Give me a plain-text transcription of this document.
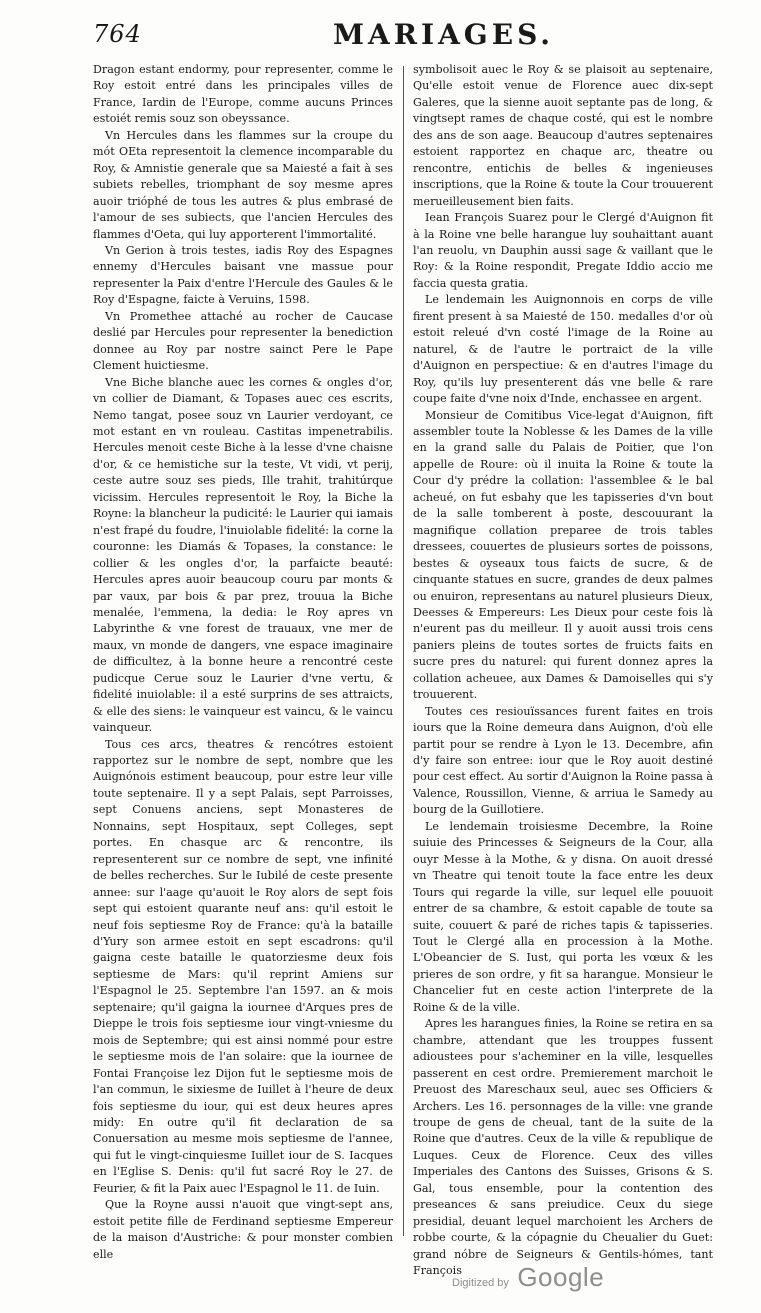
764	MARIAGES.

Dragon estant endormy, pour representer, comme le Roy estoit entré dans les principales villes de France, Iardin de l'Europe, comme aucuns Princes estoiét remis souz son obeyssance.

Vn Hercules dans les flammes sur la croupe du mót OEta representoit la clemence incomparable du Roy, & Amnistie generale que sa Maiesté a fait à ses subiets rebelles, triomphant de soy mesme apres auoir trióphé de tous les autres & plus embrasé de l'amour de ses subiects, que l'ancien Hercules des flammes d'Oeta, qui luy apporterent l'immortalité.

Vn Gerion à trois testes, iadis Roy des Espagnes ennemy d'Hercules baisant vne massue pour representer la Paix d'entre l'Hercule des Gaules & le Roy d'Espagne, faicte à Veruins, 1598.

Vn Promethee attaché au rocher de Caucase deslié par Hercules pour representer la benediction donnee au Roy par nostre sainct Pere le Pape Clement huictiesme.

Vne Biche blanche auec les cornes & ongles d'or, vn collier de Diamant, & Topases auec ces escrits, Nemo tangat, posee souz vn Laurier verdoyant, ce mot estant en vn rouleau. Castitas impenetrabilis. Hercules menoit ceste Biche à la lesse d'vne chaisne d'or, & ce hemistiche sur la teste, Vt vidi, vt perij, ceste autre souz ses pieds, Ille trahit, trahitúrque vicissim. Hercules representoit le Roy, la Biche la Royne: la blancheur la pudicité: le Laurier qui iamais n'est frapé du foudre, l'inuiolable fidelité: la corne la couronne: les Diamás & Topases, la constance: le collier & les ongles d'or, la parfaicte beauté: Hercules apres auoir beaucoup couru par monts & par vaux, par bois & par prez, trouua la Biche menalée, l'emmena, la dedia: le Roy apres vn Labyrinthe & vne forest de trauaux, vne mer de maux, vn monde de dangers, vne espace imaginaire de difficultez, à la bonne heure a rencontré ceste pudicque Cerue souz le Laurier d'vne vertu, & fidelité inuiolable: il a esté surprins de ses attraicts, & elle des siens: le vainqueur est vaincu, & le vaincu vainqueur.

Tous ces arcs, theatres & rencótres estoient rapportez sur le nombre de sept, nombre que les Auignónois estiment beaucoup, pour estre leur ville toute septenaire. Il y a sept Palais, sept Parroisses, sept Conuens anciens, sept Monasteres de Nonnains, sept Hospitaux, sept Colleges, sept portes. En chasque arc & rencontre, ils representerent sur ce nombre de sept, vne infinité de belles recherches. Sur le Iubilé de ceste presente annee: sur l'aage qu'auoit le Roy alors de sept fois sept qui estoient quarante neuf ans: qu'il estoit le neuf fois septiesme Roy de France: qu'à la bataille d'Yury son armee estoit en sept escadrons: qu'il gaigna ceste bataille le quatorziesme deux fois septiesme de Mars: qu'il reprint Amiens sur l'Espagnol le 25. Septembre l'an 1597. an & mois septenaire; qu'il gaigna la iournee d'Arques pres de Dieppe le trois fois septiesme iour vingt-vniesme du mois de Septembre; qui est ainsi nommé pour estre le septiesme mois de l'an solaire: que la iournee de Fontai Françoise lez Dijon fut le septiesme mois de l'an commun, le sixiesme de Iuillet à l'heure de deux fois septiesme du iour, qui est deux heures apres midy: En outre qu'il fit declaration de sa Conuersation au mesme mois septiesme de l'annee, qui fut le vingt-cinquiesme Iuillet iour de S. Iacques en l'Eglise S. Denis: qu'il fut sacré Roy le 27. de Feurier, & fit la Paix auec l'Espagnol le 11. de Iuin.

Que la Royne aussi n'auoit que vingt-sept ans, estoit petite fille de Ferdinand septiesme Empereur de la maison d'Austriche: & pour monster combien elle

symbolisoit auec le Roy & se plaisoit au septenaire, Qu'elle estoit venue de Florence auec dix-sept Galeres, que la sienne auoit septante pas de long, & vingtsept rames de chaque costé, qui est le nombre des ans de son aage. Beaucoup d'autres septenaires estoient rapportez en chaque arc, theatre ou rencontre, entichis de belles & ingenieuses inscriptions, que la Roine & toute la Cour trouuerent merueilleusement bien faits.

Iean François Suarez pour le Clergé d'Auignon fit à la Roine vne belle harangue luy souhaittant auant l'an reuolu, vn Dauphin aussi sage & vaillant que le Roy: & la Roine respondit, Pregate Iddio accio me faccia questa gratia.

Le lendemain les Auignonnois en corps de ville firent present à sa Maiesté de 150. medalles d'or où estoit releué d'vn costé l'image de la Roine au naturel, & de l'autre le portraict de la ville d'Auignon en perspectiue: & en d'autres l'image du Roy, qu'ils luy presenterent dás vne belle & rare coupe faite d'vne noix d'Inde, enchassee en argent.

Monsieur de Comitibus Vice-legat d'Auignon, fift assembler toute la Noblesse & les Dames de la ville en la grand salle du Palais de Poitier, que l'on appelle de Roure: où il inuita la Roine & toute la Cour d'y prédre la collation: l'assemblee & le bal acheué, on fut esbahy que les tapisseries d'vn bout de la salle tomberent à poste, descouurant la magnifique collation preparee de trois tables dressees, couuertes de plusieurs sortes de poissons, bestes & oyseaux tous faicts de sucre, & de cinquante statues en sucre, grandes de deux palmes ou enuiron, representans au naturel plusieurs Dieux, Deesses & Empereurs: Les Dieux pour ceste fois là n'eurent pas du meilleur. Il y auoit aussi trois cens paniers pleins de toutes sortes de fruicts faits en sucre pres du naturel: qui furent donnez apres la collation acheuee, aux Dames & Damoiselles qui s'y trouuerent.

Toutes ces resiouïssances furent faites en trois iours que la Roine demeura dans Auignon, d'où elle partit pour se rendre à Lyon le 13. Decembre, afin d'y faire son entree: iour que le Roy auoit destiné pour cest effect. Au sortir d'Auignon la Roine passa à Valence, Roussillon, Vienne, & arriua le Samedy au bourg de la Guillotiere.

Le lendemain troisiesme Decembre, la Roine suiuie des Princesses & Seigneurs de la Cour, alla ouyr Messe à la Mothe, & y disna. On auoit dressé vn Theatre qui tenoit toute la face entre les deux Tours qui regarde la ville, sur lequel elle pouuoit entrer de sa chambre, & estoit capable de toute sa suite, couuert & paré de riches tapis & tapisseries. Tout le Clergé alla en procession à la Mothe. L'Obeancier de S. Iust, qui porta les vœux & les prieres de son ordre, y fit sa harangue. Monsieur le Chancelier fut en ceste action l'interprete de la Roine & de la ville.

Apres les harangues finies, la Roine se retira en sa chambre, attendant que les trouppes fussent adioustees pour s'acheminer en la ville, lesquelles passerent en cest ordre. Premierement marchoit le Preuost des Mareschaux seul, auec ses Officiers & Archers. Les 16. personnages de la ville: vne grande troupe de gens de cheual, tant de la suite de la Roine que d'autres. Ceux de la ville & republique de Luques. Ceux de Florence. Ceux des villes Imperiales des Cantons des Suisses, Grisons & S. Gal, tous ensemble, pour la contention des preseances & sans preiudice. Ceux du siege presidial, deuant lequel marchoient les Archers de robbe courte, & la cópagnie du Cheualier du Guet: grand nóbre de Seigneurs & Gentils-hómes, tant François

Digitized by Google
